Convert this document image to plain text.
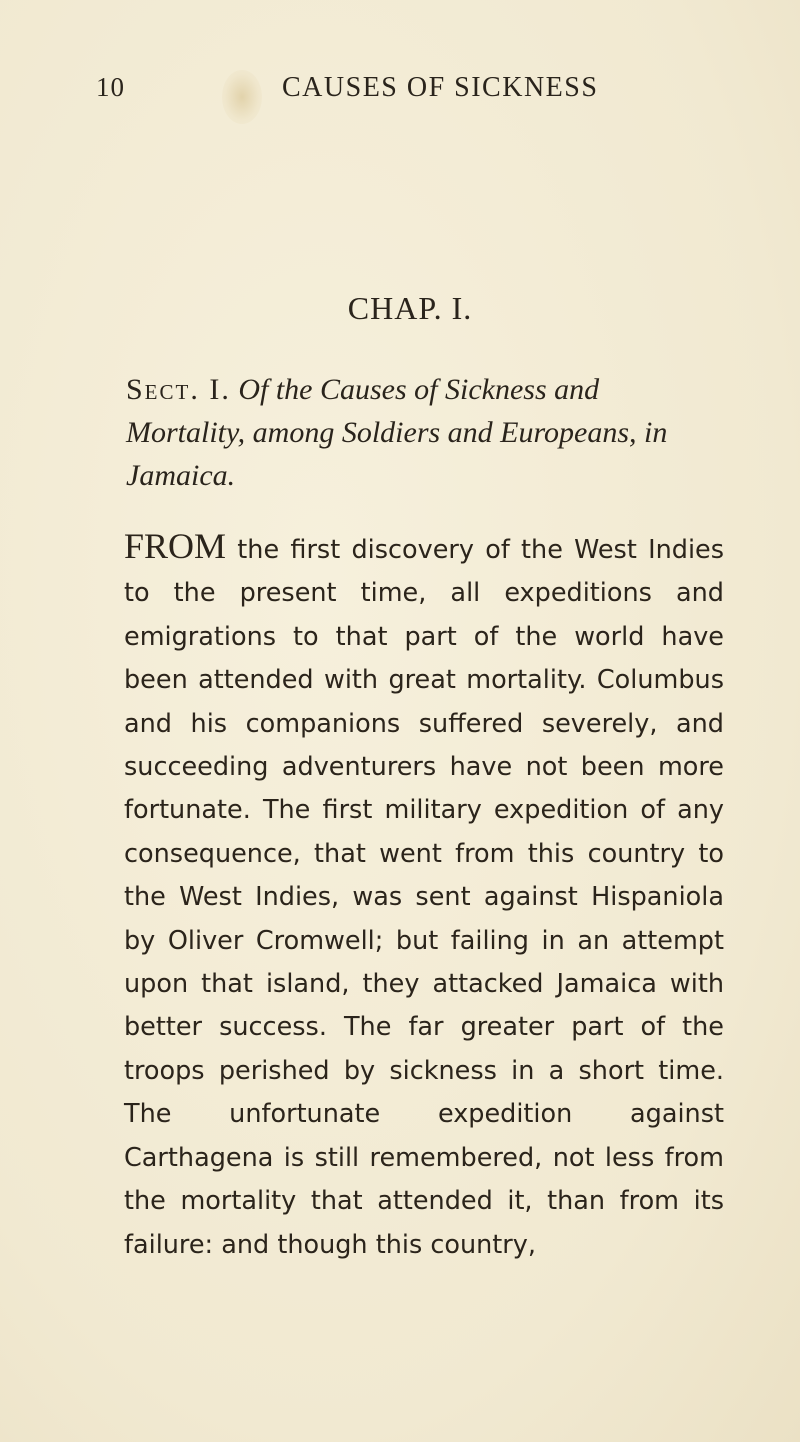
10	CAUSES OF SICKNESS
CHAP. I.
Sect. I. Of the Causes of Sickness and Mortality, among Soldiers and Europeans, in Jamaica.

FROM the first discovery of the West Indies to the present time, all expeditions and emigrations to that part of the world have been attended with great mortality. Columbus and his companions suffered severely, and succeeding adventurers have not been more fortunate. The first military expedition of any consequence, that went from this country to the West Indies, was sent against Hispaniola by Oliver Cromwell; but failing in an attempt upon that island, they attacked Jamaica with better success. The far greater part of the troops perished by sickness in a short time. The unfortunate expedition against Carthagena is still remembered, not less from the mortality that attended it, than from its failure: and though this country,
